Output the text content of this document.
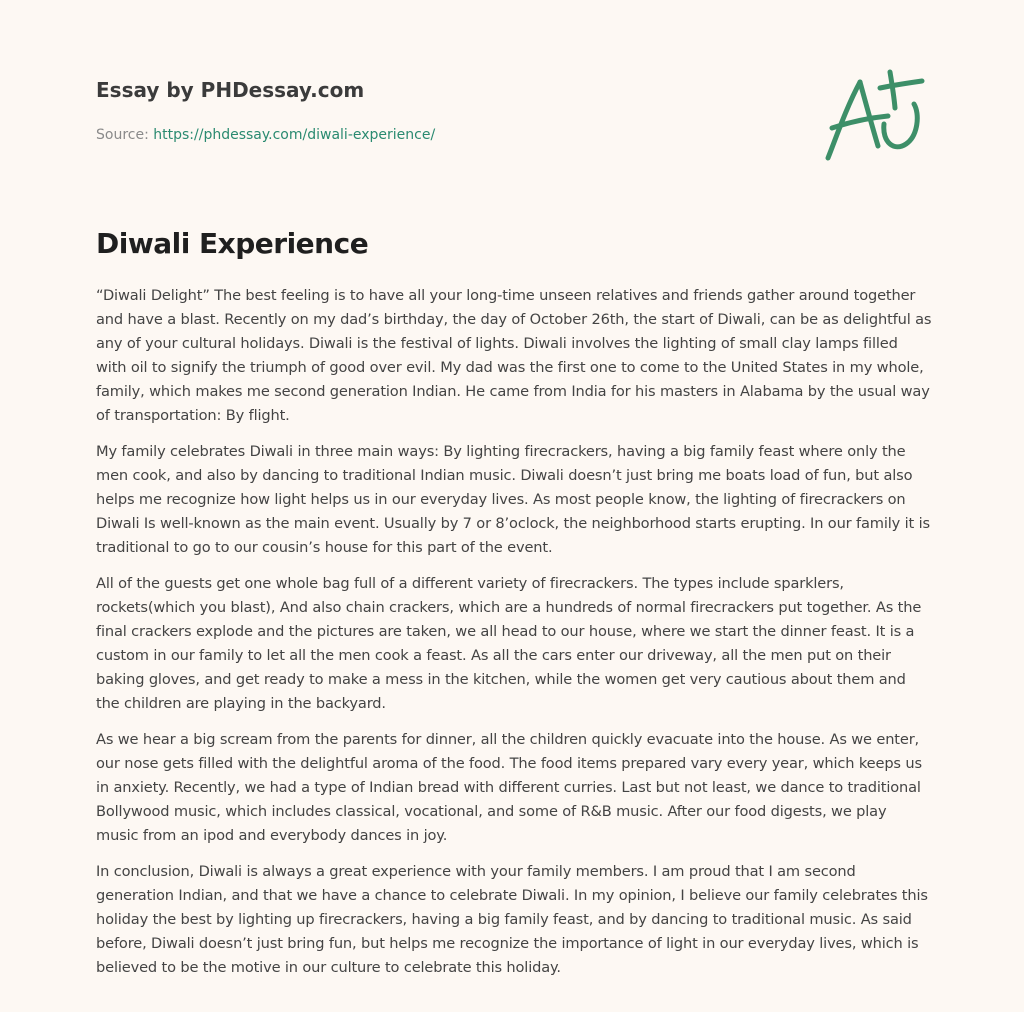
Essay by PHDessay.com
Source: https://phdessay.com/diwali-experience/
Diwali Experience

“Diwali Delight” The best feeling is to have all your long-time unseen relatives and friends gather around together and have a blast. Recently on my dad’s birthday, the day of October 26th, the start of Diwali, can be as delightful as any of your cultural holidays. Diwali is the festival of lights. Diwali involves the lighting of small clay lamps filled with oil to signify the triumph of good over evil. My dad was the first one to come to the United States in my whole, family, which makes me second generation Indian. He came from India for his masters in Alabama by the usual way of transportation: By flight.

My family celebrates Diwali in three main ways: By lighting firecrackers, having a big family feast where only the men cook, and also by dancing to traditional Indian music. Diwali doesn’t just bring me boats load of fun, but also helps me recognize how light helps us in our everyday lives. As most people know, the lighting of firecrackers on Diwali Is well-known as the main event. Usually by 7 or 8’oclock, the neighborhood starts erupting. In our family it is traditional to go to our cousin’s house for this part of the event.

All of the guests get one whole bag full of a different variety of firecrackers. The types include sparklers, rockets(which you blast), And also chain crackers, which are a hundreds of normal firecrackers put together. As the final crackers explode and the pictures are taken, we all head to our house, where we start the dinner feast. It is a custom in our family to let all the men cook a feast. As all the cars enter our driveway, all the men put on their baking gloves, and get ready to make a mess in the kitchen, while the women get very cautious about them and the children are playing in the backyard.

As we hear a big scream from the parents for dinner, all the children quickly evacuate into the house. As we enter, our nose gets filled with the delightful aroma of the food. The food items prepared vary every year, which keeps us in anxiety. Recently, we had a type of Indian bread with different curries. Last but not least, we dance to traditional Bollywood music, which includes classical, vocational, and some of R&B music. After our food digests, we play music from an ipod and everybody dances in joy.

In conclusion, Diwali is always a great experience with your family members. I am proud that I am second generation Indian, and that we have a chance to celebrate Diwali. In my opinion, I believe our family celebrates this holiday the best by lighting up firecrackers, having a big family feast, and by dancing to traditional music. As said before, Diwali doesn’t just bring fun, but helps me recognize the importance of light in our everyday lives, which is believed to be the motive in our culture to celebrate this holiday.
